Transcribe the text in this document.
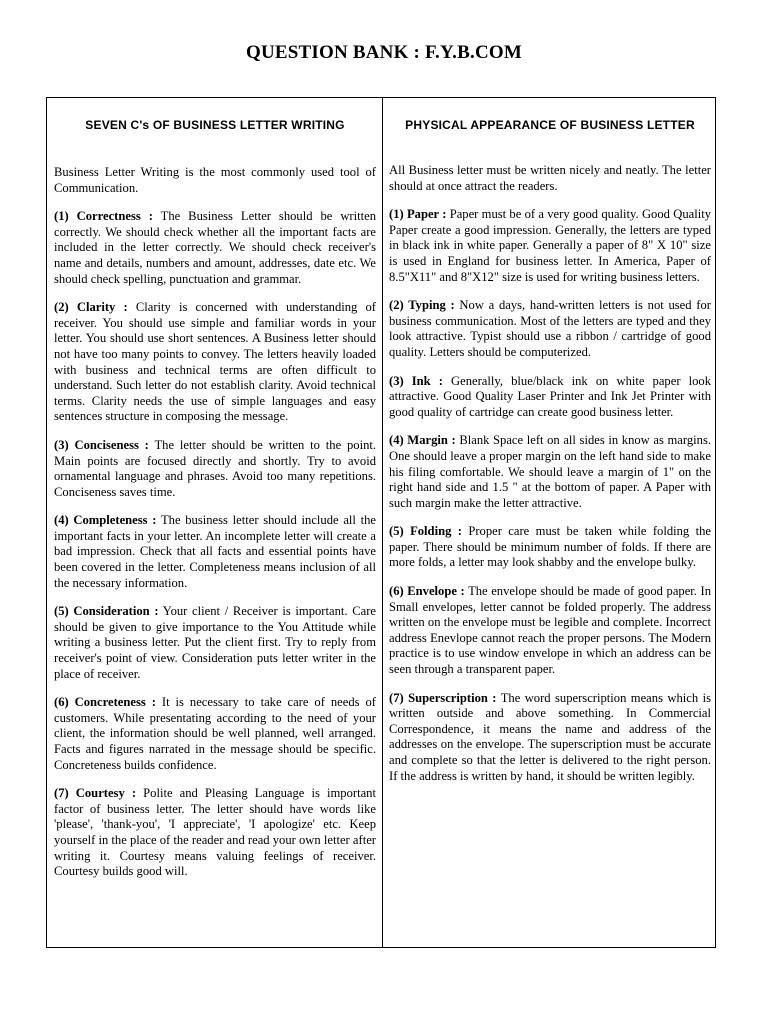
QUESTION BANK : F.Y.B.COM
SEVEN C's OF BUSINESS LETTER WRITING

Business Letter Writing is the most commonly used tool of Communication.

(1) Correctness : The Business Letter should be written correctly. We should check whether all the important facts are included in the letter correctly. We should check receiver's name and details, numbers and amount, addresses, date etc. We should check spelling, punctuation and grammar.

(2) Clarity : Clarity is concerned with understanding of receiver. You should use simple and familiar words in your letter. You should use short sentences. A Business letter should not have too many points to convey. The letters heavily loaded with business and technical terms are often difficult to understand. Such letter do not establish clarity. Avoid technical terms. Clarity needs the use of simple languages and easy sentences structure in composing the message.

(3) Conciseness : The letter should be written to the point. Main points are focused directly and shortly. Try to avoid ornamental language and phrases. Avoid too many repetitions. Conciseness saves time.

(4) Completeness : The business letter should include all the important facts in your letter. An incomplete letter will create a bad impression. Check that all facts and essential points have been covered in the letter. Completeness means inclusion of all the necessary information.

(5) Consideration : Your client / Receiver is important. Care should be given to give importance to the You Attitude while writing a business letter. Put the client first. Try to reply from receiver's point of view. Consideration puts letter writer in the place of receiver.

(6) Concreteness : It is necessary to take care of needs of customers. While presentating according to the need of your client, the information should be well planned, well arranged. Facts and figures narrated in the message should be specific. Concreteness builds confidence.

(7) Courtesy : Polite and Pleasing Language is important factor of business letter. The letter should have words like 'please', 'thank-you', 'I appreciate', 'I apologize' etc. Keep yourself in the place of the reader and read your own letter after writing it. Courtesy means valuing feelings of receiver. Courtesy builds good will.

PHYSICAL APPEARANCE OF BUSINESS LETTER

All Business letter must be written nicely and neatly. The letter should at once attract the readers.

(1) Paper : Paper must be of a very good quality. Good Quality Paper create a good impression. Generally, the letters are typed in black ink in white paper. Generally a paper of 8" X 10" size is used in England for business letter. In America, Paper of 8.5"X11" and 8"X12" size is used for writing business letters.

(2) Typing : Now a days, hand-written letters is not used for business communication. Most of the letters are typed and they look attractive. Typist should use a ribbon / cartridge of good quality. Letters should be computerized.

(3) Ink : Generally, blue/black ink on white paper look attractive. Good Quality Laser Printer and Ink Jet Printer with good quality of cartridge can create good business letter.

(4) Margin : Blank Space left on all sides in know as margins. One should leave a proper margin on the left hand side to make his filing comfortable. We should leave a margin of 1" on the right hand side and 1.5 " at the bottom of paper. A Paper with such margin make the letter attractive.

(5) Folding : Proper care must be taken while folding the paper. There should be minimum number of folds. If there are more folds, a letter may look shabby and the envelope bulky.

(6) Envelope : The envelope should be made of good paper. In Small envelopes, letter cannot be folded properly. The address written on the envelope must be legible and complete. Incorrect address Enevlope cannot reach the proper persons. The Modern practice is to use window envelope in which an address can be seen through a transparent paper.

(7) Superscription : The word superscription means which is written outside and above something. In Commercial Correspondence, it means the name and address of the addresses on the envelope. The superscription must be accurate and complete so that the letter is delivered to the right person. If the address is written by hand, it should be written legibly.
